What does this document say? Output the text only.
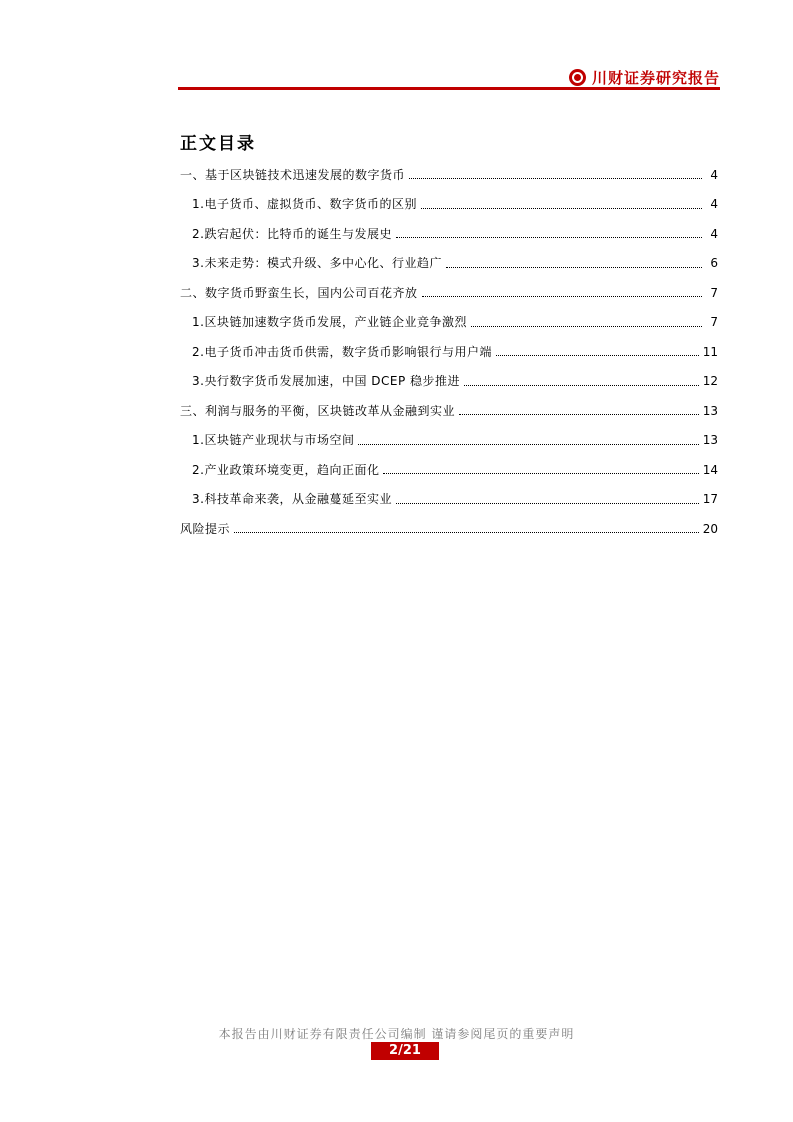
川财证券研究报告
正文目录
一、基于区块链技术迅速发展的数字货币	4
1.电子货币、虚拟货币、数字货币的区别	4
2.跌宕起伏：比特币的诞生与发展史	4
3.未来走势：模式升级、多中心化、行业趋广	6
二、数字货币野蛮生长，国内公司百花齐放	7
1.区块链加速数字货币发展，产业链企业竞争激烈	7
2.电子货币冲击货币供需，数字货币影响银行与用户端	11
3.央行数字货币发展加速，中国 DCEP 稳步推进	12
三、利润与服务的平衡，区块链改革从金融到实业	13
1.区块链产业现状与市场空间	13
2.产业政策环境变更，趋向正面化	14
3.科技革命来袭，从金融蔓延至实业	17
风险提示	20
本报告由川财证券有限责任公司编制 谨请参阅尾页的重要声明
2/21
